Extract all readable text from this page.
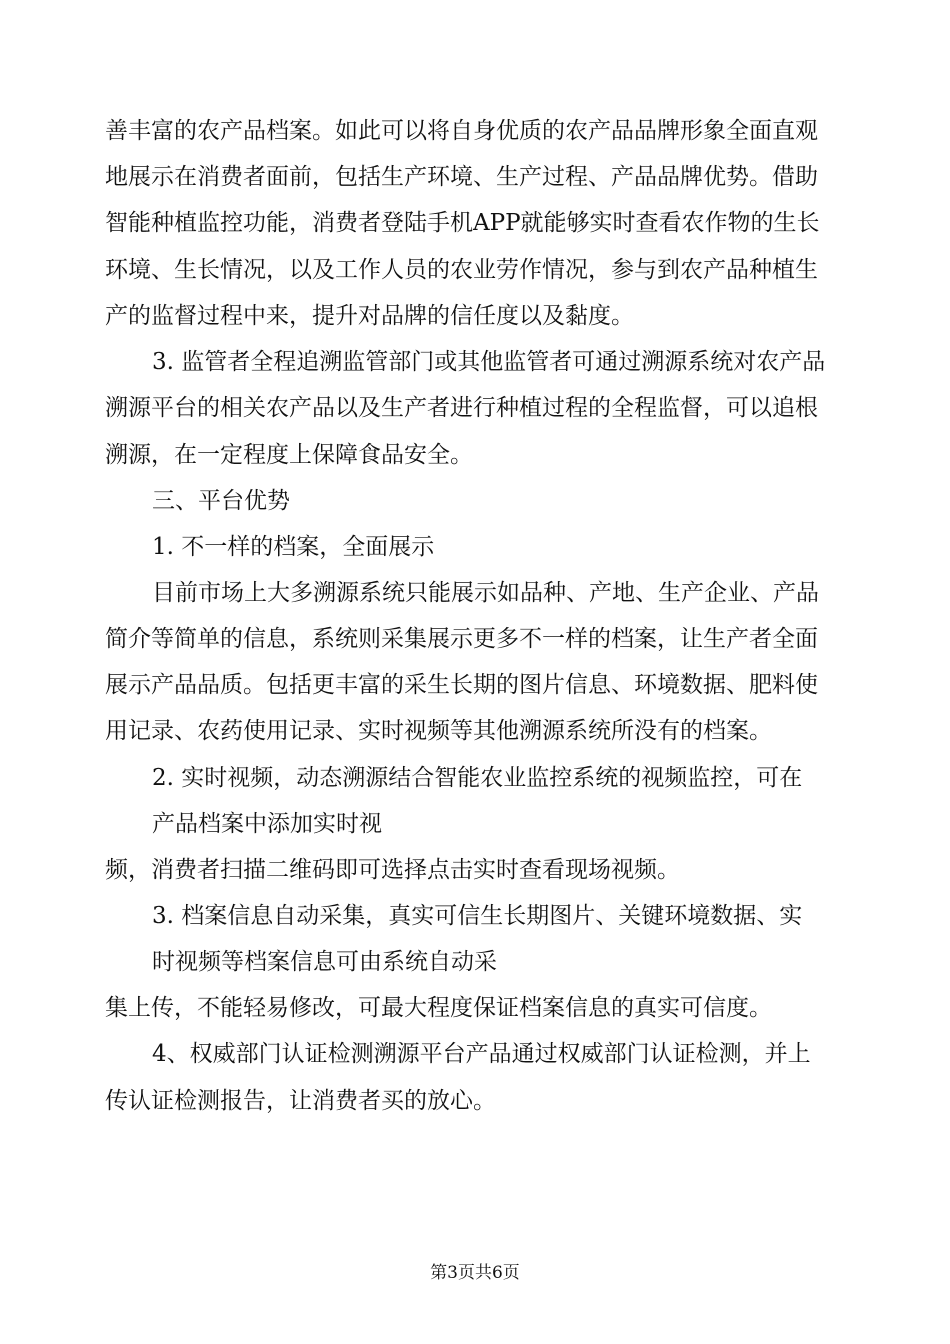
善丰富的农产品档案。如此可以将自身优质的农产品品牌形象全面直观
地展示在消费者面前，包括生产环境、生产过程、产品品牌优势。借助
智能种植监控功能，消费者登陆手机APP就能够实时查看农作物的生长
环境、生长情况，以及工作人员的农业劳作情况，参与到农产品种植生
产的监督过程中来，提升对品牌的信任度以及黏度。
3. 监管者全程追溯监管部门或其他监管者可通过溯源系统对农产品
溯源平台的相关农产品以及生产者进行种植过程的全程监督，可以追根
溯源，在一定程度上保障食品安全。
三、平台优势
1. 不一样的档案，全面展示
目前市场上大多溯源系统只能展示如品种、产地、生产企业、产品
简介等简单的信息，系统则采集展示更多不一样的档案，让生产者全面
展示产品品质。包括更丰富的采生长期的图片信息、环境数据、肥料使
用记录、农药使用记录、实时视频等其他溯源系统所没有的档案。
2. 实时视频，动态溯源结合智能农业监控系统的视频监控，可在
产品档案中添加实时视
频，消费者扫描二维码即可选择点击实时查看现场视频。
3. 档案信息自动采集，真实可信生长期图片、关键环境数据、实
时视频等档案信息可由系统自动采
集上传，不能轻易修改，可最大程度保证档案信息的真实可信度。
4、权威部门认证检测溯源平台产品通过权威部门认证检测，并上
传认证检测报告，让消费者买的放心。
第3页共6页
